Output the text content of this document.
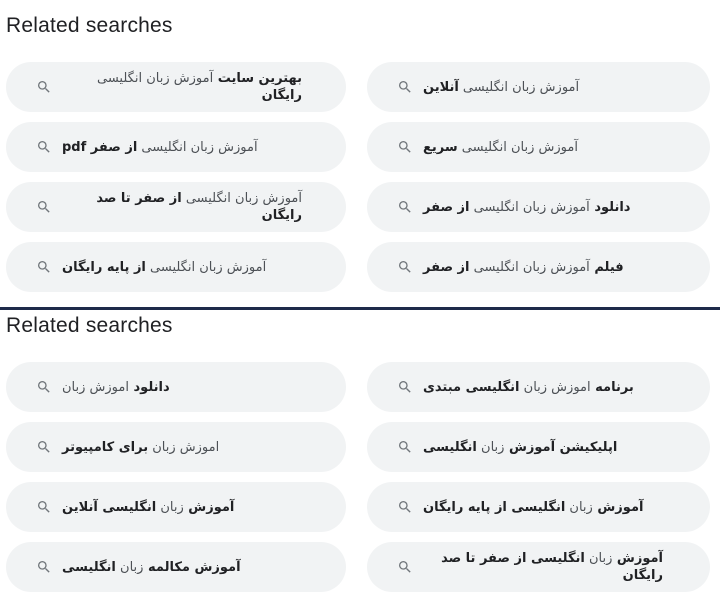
Related searches
آموزش زبان انگلیسی آنلاین
بهترین سایت آموزش زبان انگلیسی رایگان
آموزش زبان انگلیسی سریع
آموزش زبان انگلیسی از صفر pdf
دانلود آموزش زبان انگلیسی از صفر
آموزش زبان انگلیسی از صفر تا صد رایگان
فیلم آموزش زبان انگلیسی از صفر
آموزش زبان انگلیسی از پایه رایگان
Related searches
برنامه اموزش زبان انگلیسی مبتدی
دانلود اموزش زبان
اپلیکیشن آموزش زبان انگلیسی
اموزش زبان برای کامپیوتر
آموزش زبان انگلیسی از پایه رایگان
آموزش زبان انگلیسی آنلاین
آموزش زبان انگلیسی از صفر تا صد رایگان
آموزش مکالمه زبان انگلیسی
